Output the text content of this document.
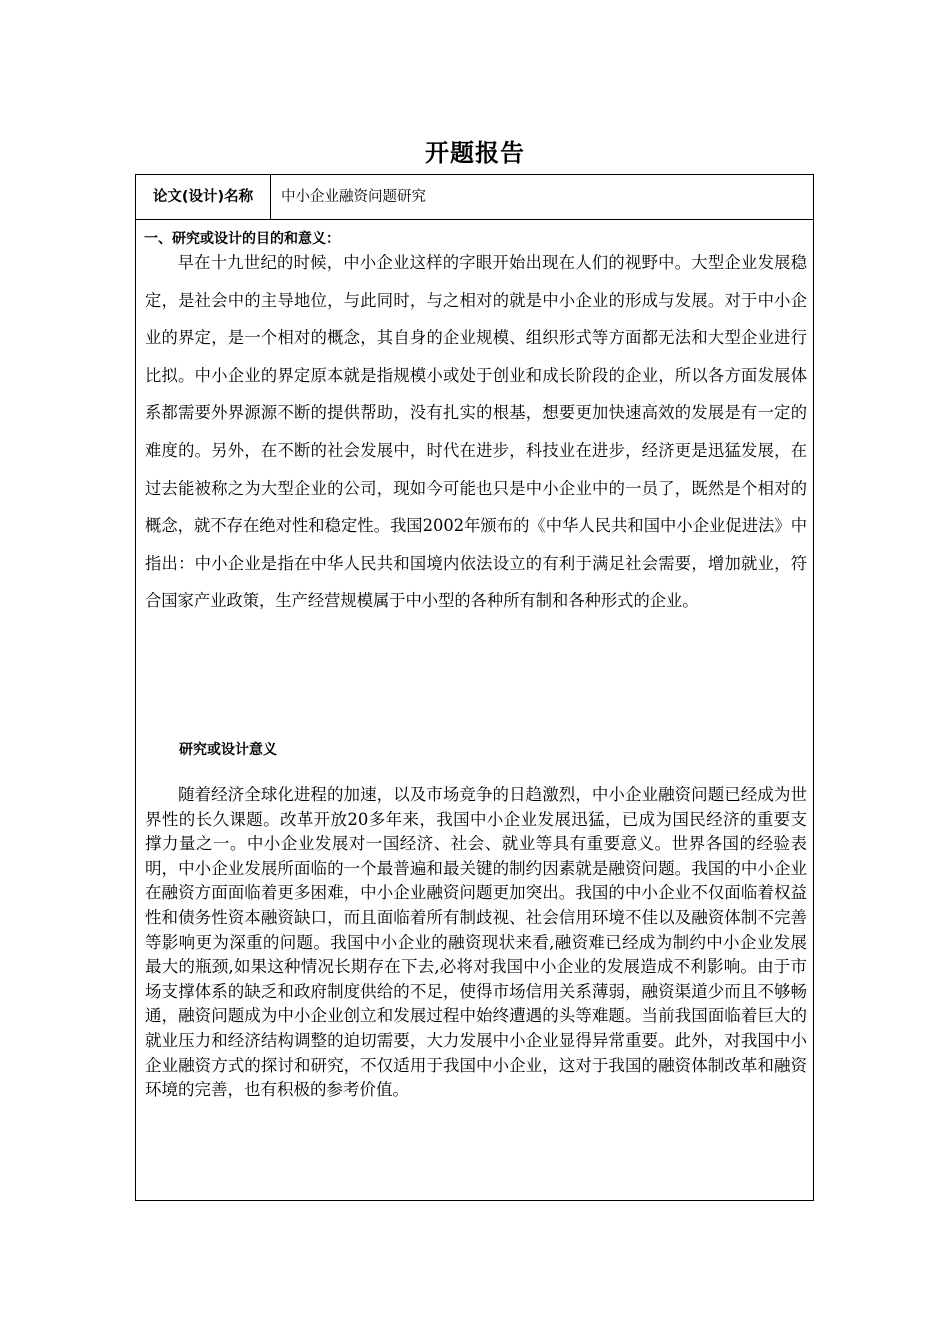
开题报告
论文(设计)名称	中小企业融资问题研究
一、研究或设计的目的和意义：

早在十九世纪的时候，中小企业这样的字眼开始出现在人们的视野中。大型企业发展稳定，是社会中的主导地位，与此同时，与之相对的就是中小企业的形成与发展。对于中小企业的界定，是一个相对的概念，其自身的企业规模、组织形式等方面都无法和大型企业进行比拟。中小企业的界定原本就是指规模小或处于创业和成长阶段的企业，所以各方面发展体系都需要外界源源不断的提供帮助，没有扎实的根基，想要更加快速高效的发展是有一定的难度的。另外，在不断的社会发展中，时代在进步，科技业在进步，经济更是迅猛发展，在过去能被称之为大型企业的公司，现如今可能也只是中小企业中的一员了，既然是个相对的概念，就不存在绝对性和稳定性。我国2002年颁布的《中华人民共和国中小企业促进法》中指出：中小企业是指在中华人民共和国境内依法设立的有利于满足社会需要，增加就业，符合国家产业政策，生产经营规模属于中小型的各种所有制和各种形式的企业。

研究或设计意义

随着经济全球化进程的加速，以及市场竞争的日趋激烈，中小企业融资问题已经成为世界性的长久课题。改革开放20多年来，我国中小企业发展迅猛，已成为国民经济的重要支撑力量之一。中小企业发展对一国经济、社会、就业等具有重要意义。世界各国的经验表明，中小企业发展所面临的一个最普遍和最关键的制约因素就是融资问题。我国的中小企业在融资方面面临着更多困难，中小企业融资问题更加突出。我国的中小企业不仅面临着权益性和债务性资本融资缺口，而且面临着所有制歧视、社会信用环境不佳以及融资体制不完善等影响更为深重的问题。我国中小企业的融资现状来看,融资难已经成为制约中小企业发展最大的瓶颈,如果这种情况长期存在下去,必将对我国中小企业的发展造成不利影响。由于市场支撑体系的缺乏和政府制度供给的不足，使得市场信用关系薄弱，融资渠道少而且不够畅通，融资问题成为中小企业创立和发展过程中始终遭遇的头等难题。当前我国面临着巨大的就业压力和经济结构调整的迫切需要，大力发展中小企业显得异常重要。此外，对我国中小企业融资方式的探讨和研究，不仅适用于我国中小企业，这对于我国的融资体制改革和融资环境的完善，也有积极的参考价值。
